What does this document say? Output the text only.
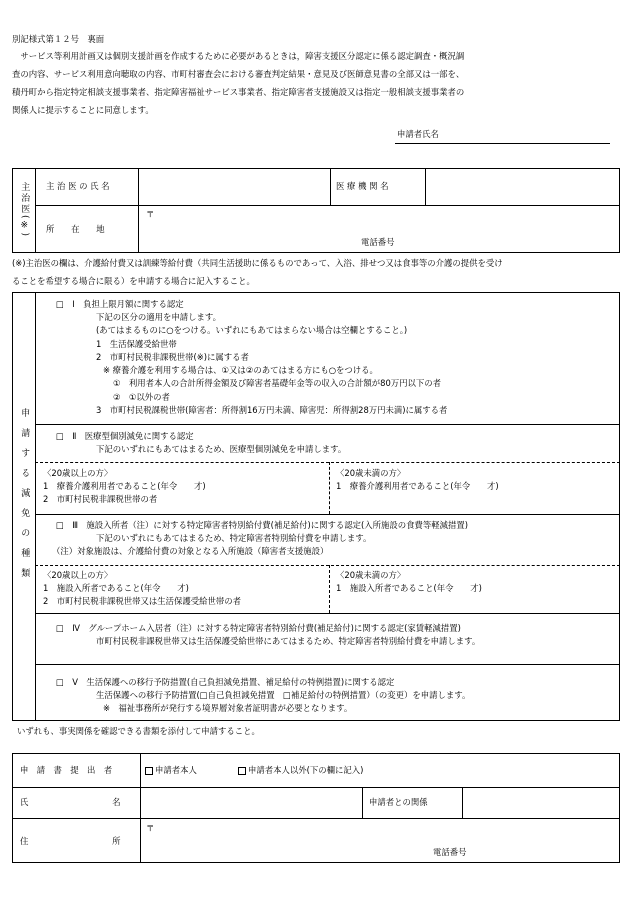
別記様式第１２号　裏面
　サービス等利用計画又は個別支援計画を作成するために必要があるときは，障害支援区分認定に係る認定調査・概況調
査の内容、サービス利用意向聴取の内容、市町村審査会における審査判定結果・意見及び医師意見書の全部又は一部を、
積丹町から指定特定相談支援事業者、指定障害福祉サービス事業者、指定障害者支援施設又は指定一般相談支援事業者の
関係人に提示することに同意します。
申請者氏名
主治医(※) 主 治 医 の 氏 名	医 療 機 関 名
所　　在　　地
〒
電話番号
(※)主治医の欄は、介護給付費又は訓練等給付費（共同生活援助に係るものであって、入浴、排せつ又は食事等の介護の提供を受け
ることを希望する場合に限る）を申請する場合に記入すること。
申請する減免の種類
□　Ⅰ　負担上限月額に関する認定
下記の区分の適用を申請します。
(あてはまるものに○をつける。いずれにもあてはまらない場合は空欄とすること。)
1　生活保護受給世帯
2　市町村民税非課税世帯(※)に属する者
※ 療養介護を利用する場合は、①又は②のあてはまる方にも○をつける。
①　利用者本人の合計所得金額及び障害者基礎年金等の収入の合計額が80万円以下の者
②　①以外の者
3　市町村民税課税世帯(障害者：所得割16万円未満、障害児：所得割28万円未満)に属する者
□　Ⅱ　医療型個別減免に関する認定
下記のいずれにもあてはまるため、医療型個別減免を申請します。
〈20歳以上の方〉
1　療養介護利用者であること(年令　　才)
2　市町村民税非課税世帯の者
〈20歳未満の方〉
1　療養介護利用者であること(年令　　才)
□　Ⅲ　施設入所者（注）に対する特定障害者特別給付費(補足給付)に関する認定(入所施設の食費等軽減措置)
下記のいずれにもあてはまるため、特定障害者特別給付費を申請します。
（注）対象施設は、介護給付費の対象となる入所施設（障害者支援施設）
〈20歳以上の方〉
1　施設入所者であること(年令　　才)
2　市町村民税非課税世帯又は生活保護受給世帯の者
〈20歳未満の方〉
1　施設入所者であること(年令　　才)
□　Ⅳ　グループホーム入居者（注）に対する特定障害者特別給付費(補足給付)に関する認定(家賃軽減措置)
市町村民税非課税世帯又は生活保護受給世帯にあてはまるため、特定障害者特別給付費を申請します。
□　Ⅴ　生活保護への移行予防措置(自己負担減免措置、補足給付の特例措置)に関する認定
生活保護への移行予防措置(□自己負担減免措置　□補足給付の特例措置）（の変更）を申請します。
※　福祉事務所が発行する境界層対象者証明書が必要となります。
いずれも、事実関係を確認できる書類を添付して申請すること。
申　請　書　提　出　者	申請者本人	申請者本人以外(下の欄に記入)
氏　　　　　　　　　　名	申請者との関係
住　　　　　　　　　　所
〒
電話番号
